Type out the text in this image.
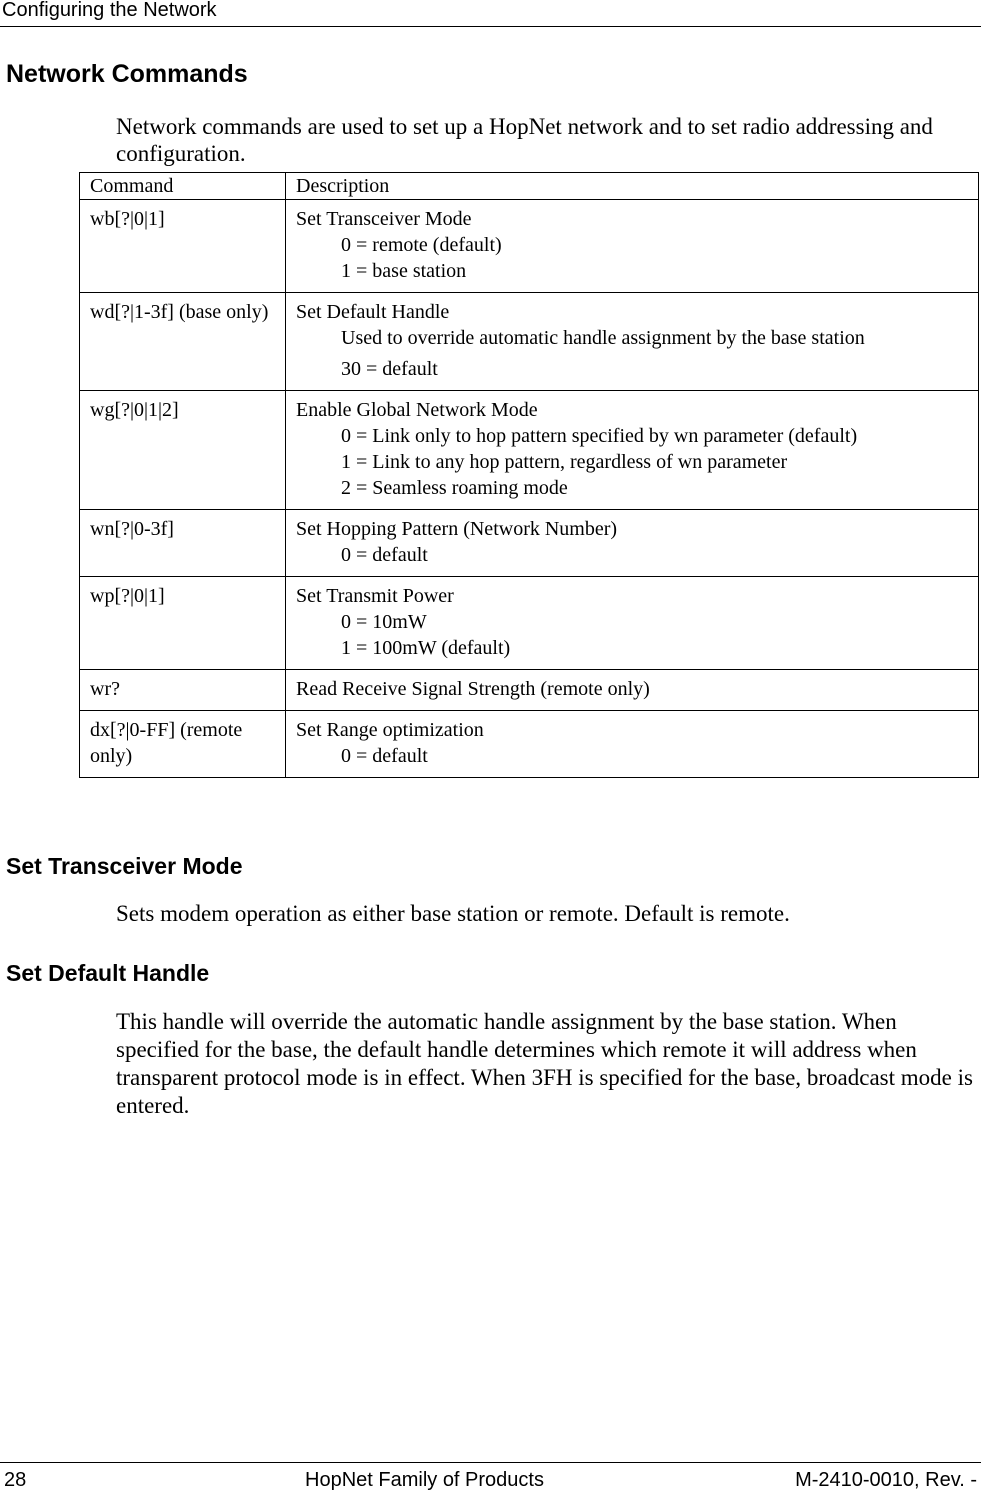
Configuring the Network
Network Commands

Network commands are used to set up a HopNet network and to set radio addressing and configuration.

Command	Description
wb[?|0|1]	Set Transceiver Mode
0 = remote (default)
1 = base station

wd[?|1-3f] (base only)	Set Default Handle
Used to override automatic handle assignment by the base station
30 = default

wg[?|0|1|2]	Enable Global Network Mode
0 = Link only to hop pattern specified by wn parameter (default)
1 = Link to any hop pattern, regardless of wn parameter
2 = Seamless roaming mode

wn[?|0-3f]	Set Hopping Pattern (Network Number)
0 = default

wp[?|0|1]	Set Transmit Power
0 = 10mW
1 = 100mW (default)

wr?	Read Receive Signal Strength (remote only)

dx[?|0-FF] (remote only)	Set Range optimization
0 = default
Set Transceiver Mode

Sets modem operation as either base station or remote. Default is remote.

Set Default Handle

This handle will override the automatic handle assignment by the base station. When specified for the base, the default handle determines which remote it will address when transparent protocol mode is in effect. When 3FH is specified for the base, broadcast mode is entered.

28	HopNet Family of Products	M-2410-0010, Rev. -
